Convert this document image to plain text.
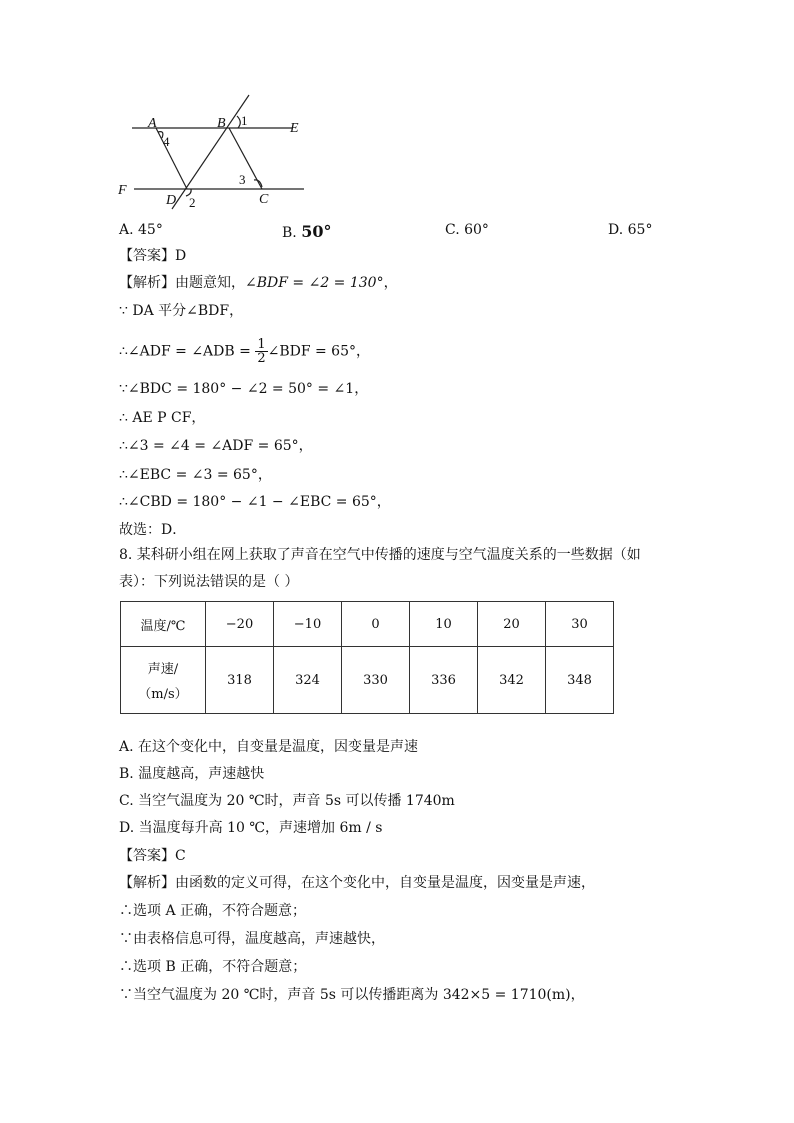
A	B	E
F
D	C
4
1
3
2
A. 45°	B. 50°	C. 60°	D. 65°
【答案】D
【解析】由题意知，∠BDF = ∠2 = 130°，
∵ DA 平分∠BDF，
∴∠ADF = ∠ADB = $\frac{1}{2}$ ∠BDF = 65°，
∵∠BDC = 180° − ∠2 = 50° = ∠1，
∴ AE P CF，
∴∠3 = ∠4 = ∠ADF = 65°，
∴∠EBC = ∠3 = 65°，
∴∠CBD = 180° − ∠1 − ∠EBC = 65°，
故选：D．
8. 某科研小组在网上获取了声音在空气中传播的速度与空气温度关系的一些数据（如
表）：下列说法错误的是（ ）
温度/℃	−20	−10	0	10	20	30

声速/
（m/s）	318	324	330	336	342	348
A. 在这个变化中，自变量是温度，因变量是声速
B. 温度越高，声速越快
C. 当空气温度为 20 ℃时，声音 5s 可以传播 1740m
D. 当温度每升高 10 ℃，声速增加 6m / s
【答案】C
【解析】由函数的定义可得，在这个变化中，自变量是温度，因变量是声速，
∴选项 A 正确，不符合题意；
∵由表格信息可得，温度越高，声速越快，
∴选项 B 正确，不符合题意；
∵当空气温度为 20 ℃时，声音 5s 可以传播距离为 342×5 = 1710(m)，
